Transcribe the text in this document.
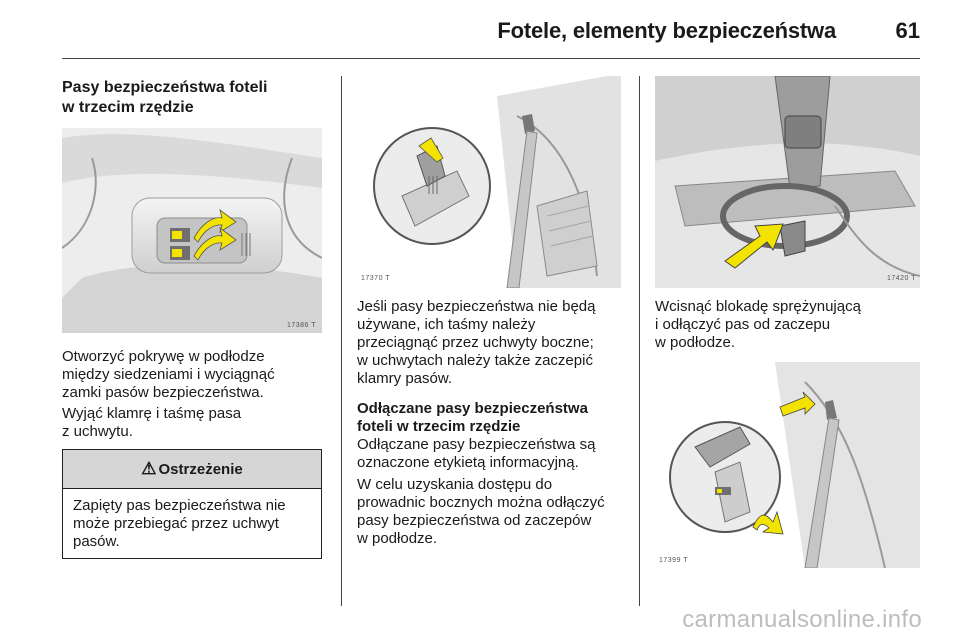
Fotele, elementy bezpieczeństwa	61
Pasy bezpieczeństwa foteli
w trzecim rzędzie
17386 T

Otworzyć pokrywę w podłodze
między siedzeniami i wyciągnąć
zamki pasów bezpieczeństwa.

Wyjąć klamrę i taśmę pasa
z uchwytu.

⚠ Ostrzeżenie
Zapięty pas bezpieczeństwa nie
może przebiegać przez uchwyt
pasów.
17370 T

Jeśli pasy bezpieczeństwa nie będą
używane, ich taśmy należy
przeciągnąć przez uchwyty boczne;
w uchwytach należy także zaczepić
klamry pasów.

Odłączane pasy bezpieczeństwa
foteli w trzecim rzędzie

Odłączane pasy bezpieczeństwa są
oznaczone etykietą informacyjną.

W celu uzyskania dostępu do
prowadnic bocznych można odłączyć
pasy bezpieczeństwa od zaczepów
w podłodze.

17420 T

Wcisnąć blokadę sprężynującą
i odłączyć pas od zaczepu
w podłodze.

17399 T
carmanualsonline.info
